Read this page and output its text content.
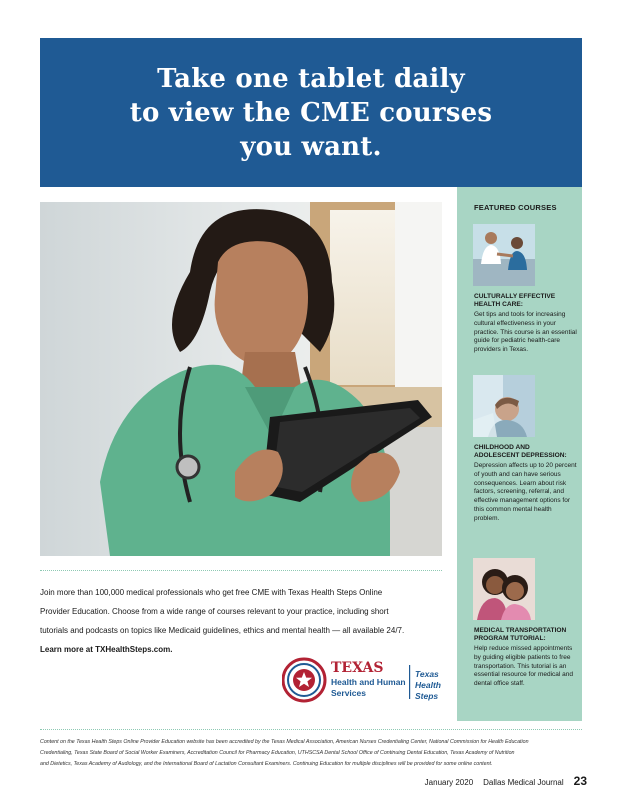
Take one tablet daily
to view the CME courses
you want.
FEATURED COURSES
CULTURALLY EFFECTIVE
HEALTH CARE:
Get tips and tools for increasing cultural effectiveness in your practice. This course is an essential guide for pediatric health-care providers in Texas.
CHILDHOOD AND
ADOLESCENT DEPRESSION:
Depression affects up to 20 percent of youth and can have serious consequences. Learn about risk factors, screening, referral, and effective management options for this common mental health problem.
MEDICAL TRANSPORTATION
PROGRAM TUTORIAL:
Help reduce missed appointments by guiding eligible patients to free transportation. This tutorial is an essential resource for medical and dental office staff.
Join more than 100,000 medical professionals who get free CME with Texas Health Steps Online
Provider Education. Choose from a wide range of courses relevant to your practice, including short
tutorials and podcasts on topics like Medicaid guidelines, ethics and mental health — all available 24/7.
Learn more at TXHealthSteps.com.
TEXAS
Health and Human
Services
Texas
Health
Steps
Content on the Texas Health Steps Online Provider Education website has been accredited by the Texas Medical Association, American Nurses Credentialing Center, National Commission for Health Education
Credentialing, Texas State Board of Social Worker Examiners, Accreditation Council for Pharmacy Education, UTHSCSA Dental School Office of Continuing Dental Education, Texas Academy of Nutrition
and Dietetics, Texas Academy of Audiology, and the International Board of Lactation Consultant Examiners. Continuing Education for multiple disciplines will be provided for some online content.
January 2020 Dallas Medical Journal 23
